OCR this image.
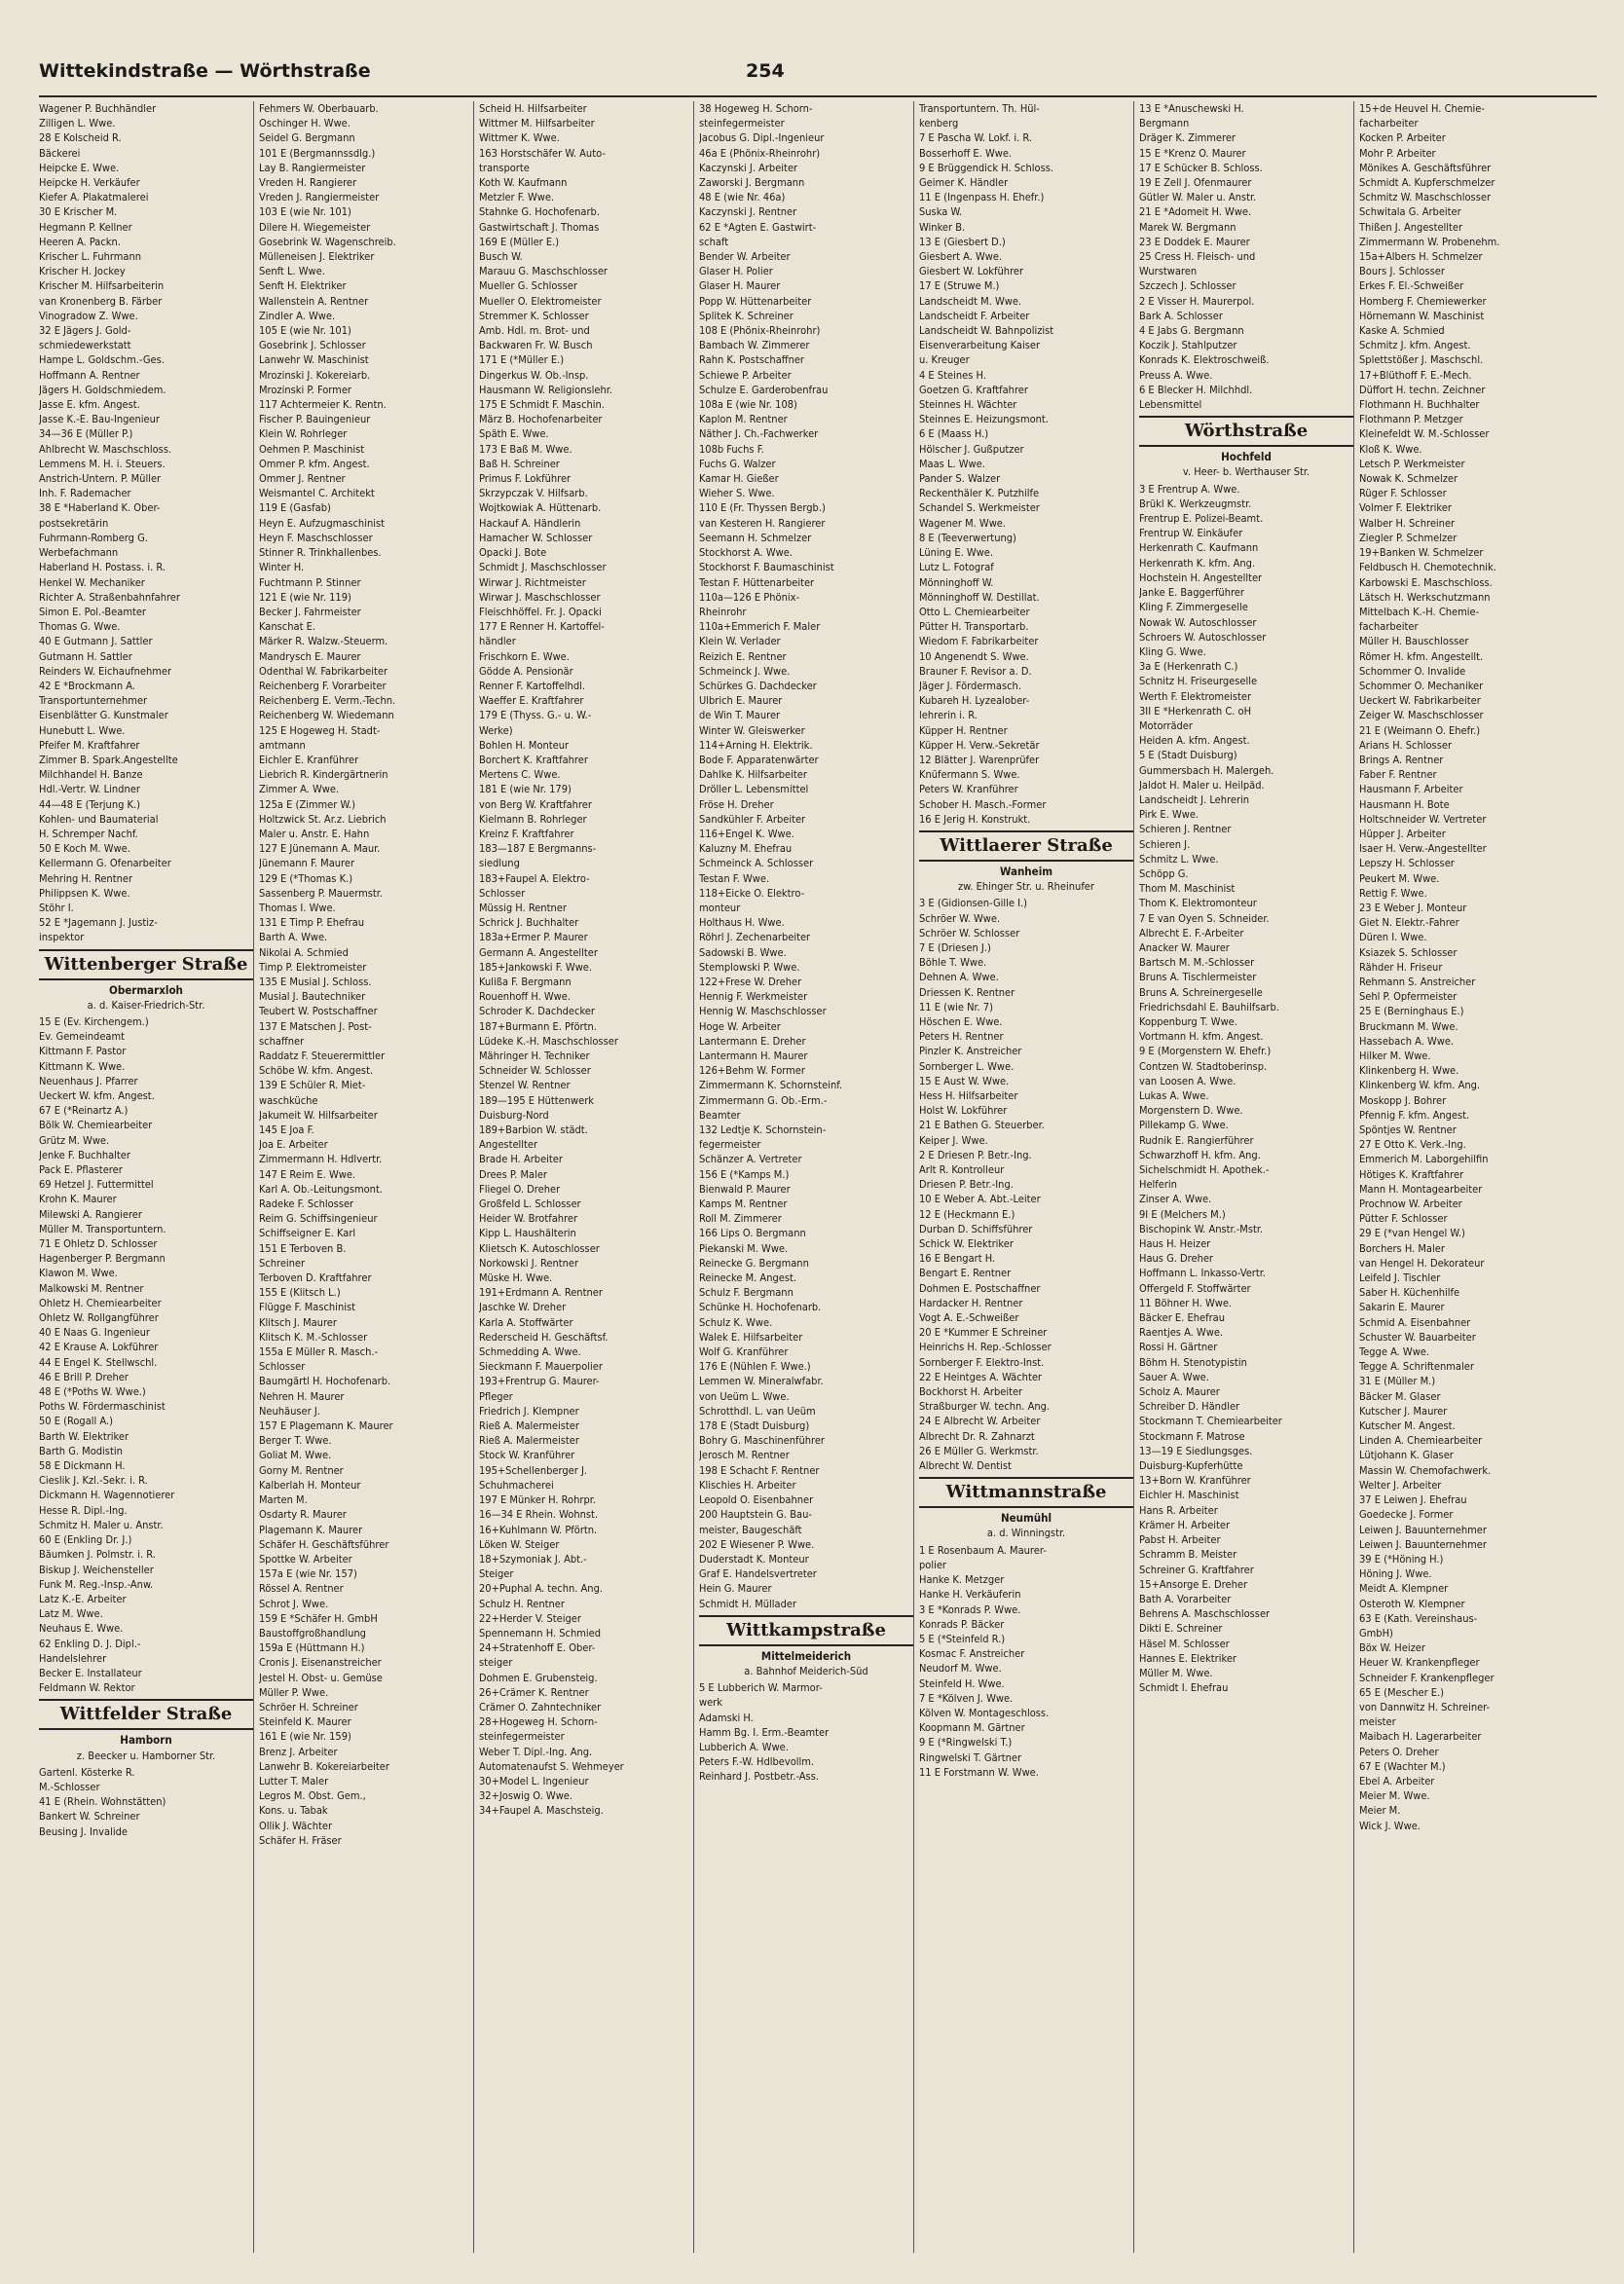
Wittekindstraße — Wörthstraße	254
Wagener P. Buchhändler
Zilligen L. Wwe.
28 E Kolscheid R.
Bäckerei
Heipcke E. Wwe.
Heipcke H. Verkäufer
Kiefer A. Plakatmalerei
30 E Krischer M.
Hegmann P. Kellner
Heeren A. Packn.
Krischer L. Fuhrmann
Krischer H. Jockey
Krischer M. Hilfsarbeiterin
van Kronenberg B. Färber
Vinogradow Z. Wwe.
32 E Jägers J. Gold-
schmiedewerkstatt
Hampe L. Goldschm.-Ges.
Hoffmann A. Rentner
Jägers H. Goldschmiedem.
Jasse E. kfm. Angest.
Jasse K.-E. Bau-Ingenieur
34—36 E (Müller P.)
Ahlbrecht W. Maschschloss.
Lemmens M. H. i. Steuers.
Anstrich-Untern. P. Müller
Inh. F. Rademacher
38 E *Haberland K. Ober-
postsekretärin
Fuhrmann-Romberg G.
Werbefachmann
Haberland H. Postass. i. R.
Henkel W. Mechaniker
Richter A. Straßenbahnfahrer
Simon E. Pol.-Beamter
Thomas G. Wwe.
40 E Gutmann J. Sattler
Gutmann H. Sattler
Reinders W. Eichaufnehmer
42 E *Brockmann A.
Transportunternehmer
Eisenblätter G. Kunstmaler
Hunebutt L. Wwe.
Pfeifer M. Kraftfahrer
Zimmer B. Spark.Angestellte
Milchhandel H. Banze
Hdl.-Vertr. W. Lindner
44—48 E (Terjung K.)
Kohlen- und Baumaterial
H. Schremper Nachf.
50 E Koch M. Wwe.
Kellermann G. Ofenarbeiter
Mehring H. Rentner
Philippsen K. Wwe.
Stöhr I.
52 E *Jagemann J. Justiz-
inspektor
Wittenberger Straße
Obermarxloh
a. d. Kaiser-Friedrich-Str.
15 E (Ev. Kirchengem.)
Ev. Gemeindeamt
Kittmann F. Pastor
Kittmann K. Wwe.
Neuenhaus J. Pfarrer
Ueckert W. kfm. Angest.
67 E (*Reinartz A.)
Bölk W. Chemiearbeiter
Grütz M. Wwe.
Jenke F. Buchhalter
Pack E. Pflasterer
69 Hetzel J. Futtermittel
Krohn K. Maurer
Milewski A. Rangierer
Müller M. Transportuntern.
71 E Ohletz D. Schlosser
Hagenberger P. Bergmann
Klawon M. Wwe.
Malkowski M. Rentner
Ohletz H. Chemiearbeiter
Ohletz W. Rollgangführer
40 E Naas G. Ingenieur
42 E Krause A. Lokführer
44 E Engel K. Stellwschl.
46 E Brill P. Dreher
48 E (*Poths W. Wwe.)
Poths W. Fördermaschinist
50 E (Rogall A.)
Barth W. Elektriker
Barth G. Modistin
58 E Dickmann H.
Cieslik J. Kzl.-Sekr. i. R.
Dickmann H. Wagennotierer
Hesse R. Dipl.-Ing.
Schmitz H. Maler u. Anstr.
60 E (Enkling Dr. J.)
Bäumken J. Polmstr. i. R.
Biskup J. Weichensteller
Funk M. Reg.-Insp.-Anw.
Latz K.-E. Arbeiter
Latz M. Wwe.
Neuhaus E. Wwe.
62 Enkling D. J. Dipl.-
Handelslehrer
Becker E. Installateur
Feldmann W. Rektor
Wittfelder Straße
Hamborn
z. Beecker u. Hamborner Str.
Gartenl. Kösterke R.
M.-Schlosser
41 E (Rhein. Wohnstätten)
Bankert W. Schreiner
Beusing J. Invalide
Fehmers W. Oberbauarb.
Oschinger H. Wwe.
Seidel G. Bergmann
101 E (Bergmannssdlg.)
Lay B. Rangiermeister
Vreden H. Rangierer
Vreden J. Rangiermeister
103 E (wie Nr. 101)
Dilere H. Wiegemeister
Gosebrink W. Wagenschreib.
Mülleneisen J. Elektriker
Senft L. Wwe.
Senft H. Elektriker
Wallenstein A. Rentner
Zindler A. Wwe.
105 E (wie Nr. 101)
Gosebrink J. Schlosser
Lanwehr W. Maschinist
Mrozinski J. Kokereiarb.
Mrozinski P. Former
117 Achtermeier K. Rentn.
Fischer P. Bauingenieur
Klein W. Rohrleger
Oehmen P. Maschinist
Ommer P. kfm. Angest.
Ommer J. Rentner
Weismantel C. Architekt
119 E (Gasfab)
Heyn E. Aufzugmaschinist
Heyn F. Maschschlosser
Stinner R. Trinkhallenbes.
Winter H.
Fuchtmann P. Stinner
121 E (wie Nr. 119)
Becker J. Fahrmeister
Kanschat E.
Märker R. Walzw.-Steuerm.
Mandrysch E. Maurer
Odenthal W. Fabrikarbeiter
Reichenberg F. Vorarbeiter
Reichenberg E. Verm.-Techn.
Reichenberg W. Wiedemann
125 E Hogeweg H. Stadt-
amtmann
Eichler E. Kranführer
Liebrich R. Kindergärtnerin
Zimmer A. Wwe.
125a E (Zimmer W.)
Holtzwick St. Ar.z. Liebrich
Maler u. Anstr. E. Hahn
127 E Jünemann A. Maur.
Jünemann F. Maurer
129 E (*Thomas K.)
Sassenberg P. Mauermstr.
Thomas I. Wwe.
131 E Timp P. Ehefrau
Barth A. Wwe.
Nikolai A. Schmied
Timp P. Elektromeister
135 E Musial J. Schloss.
Musial J. Bautechniker
Teubert W. Postschaffner
137 E Matschen J. Post-
schaffner
Raddatz F. Steuerermittler
Schöbe W. kfm. Angest.
139 E Schüler R. Miet-
waschküche
Jakumeit W. Hilfsarbeiter
145 E Joa F.
Joa E. Arbeiter
Zimmermann H. Hdlvertr.
147 E Reim E. Wwe.
Karl A. Ob.-Leitungsmont.
Radeke F. Schlosser
Reim G. Schiffsingenieur
Schiffseigner E. Karl
151 E Terboven B.
Schreiner
Terboven D. Kraftfahrer
155 E (Klitsch L.)
Flügge F. Maschinist
Klitsch J. Maurer
Klitsch K. M.-Schlosser
155a E Müller R. Masch.-
Schlosser
Baumgärtl H. Hochofenarb.
Nehren H. Maurer
Neuhäuser J.
157 E Plagemann K. Maurer
Berger T. Wwe.
Goliat M. Wwe.
Gorny M. Rentner
Kalberlah H. Monteur
Marten M.
Osdarty R. Maurer
Plagemann K. Maurer
Schäfer H. Geschäftsführer
Spottke W. Arbeiter
157a E (wie Nr. 157)
Rössel A. Rentner
Schrot J. Wwe.
159 E *Schäfer H. GmbH
Baustoffgroßhandlung
159a E (Hüttmann H.)
Cronis J. Eisenanstreicher
Jestel H. Obst- u. Gemüse
Müller P. Wwe.
Schröer H. Schreiner
Steinfeld K. Maurer
161 E (wie Nr. 159)
Brenz J. Arbeiter
Lanwehr B. Kokereiarbeiter
Lutter T. Maler
Legros M. Obst. Gem.,
Kons. u. Tabak
Ollik J. Wächter
Schäfer H. Fräser
Scheid H. Hilfsarbeiter
Wittmer M. Hilfsarbeiter
Wittmer K. Wwe.
163 Horstschäfer W. Auto-
transporte
Koth W. Kaufmann
Metzler F. Wwe.
Stahnke G. Hochofenarb.
Gastwirtschaft J. Thomas
169 E (Müller E.)
Busch W.
Marauu G. Maschschlosser
Mueller G. Schlosser
Mueller O. Elektromeister
Stremmer K. Schlosser
Amb. Hdl. m. Brot- und
Backwaren Fr. W. Busch
171 E (*Müller E.)
Dingerkus W. Ob.-Insp.
Hausmann W. Religionslehr.
175 E Schmidt F. Maschin.
März B. Hochofenarbeiter
Späth E. Wwe.
173 E Baß M. Wwe.
Baß H. Schreiner
Primus F. Lokführer
Skrzypczak V. Hilfsarb.
Wojtkowiak A. Hüttenarb.
Hackauf A. Händlerin
Hamacher W. Schlosser
Opacki J. Bote
Schmidt J. Maschschlosser
Wirwar J. Richtmeister
Wirwar J. Maschschlosser
Fleischhöffel. Fr. J. Opacki
177 E Renner H. Kartoffel-
händler
Frischkorn E. Wwe.
Gödde A. Pensionär
Renner F. Kartoffelhdl.
Waeffer E. Kraftfahrer
179 E (Thyss. G.- u. W.-
Werke)
Bohlen H. Monteur
Borchert K. Kraftfahrer
Mertens C. Wwe.
181 E (wie Nr. 179)
von Berg W. Kraftfahrer
Kielmann B. Rohrleger
Kreinz F. Kraftfahrer
183—187 E Bergmanns-
siedlung
183+Faupel A. Elektro-
Schlosser
Müssig H. Rentner
Schrick J. Buchhalter
183a+Ermer P. Maurer
Germann A. Angestellter
185+Jankowski F. Wwe.
Kulißa F. Bergmann
Rouenhoff H. Wwe.
Schroder K. Dachdecker
187+Burmann E. Pförtn.
Lüdeke K.-H. Maschschlosser
Mähringer H. Techniker
Schneider W. Schlosser
Stenzel W. Rentner
189—195 E Hüttenwerk
Duisburg-Nord
189+Barbion W. städt.
Angestellter
Brade H. Arbeiter
Drees P. Maler
Fliegel O. Dreher
Großfeld L. Schlosser
Heider W. Brotfahrer
Kipp L. Haushälterin
Klietsch K. Autoschlosser
Norkowski J. Rentner
Müske H. Wwe.
191+Erdmann A. Rentner
Jaschke W. Dreher
Karla A. Stoffwärter
Rederscheid H. Geschäftsf.
Schmedding A. Wwe.
Sieckmann F. Mauerpolier
193+Frentrup G. Maurer-
Pfleger
Friedrich J. Klempner
Rieß A. Malermeister
Rieß A. Malermeister
Stock W. Kranführer
195+Schellenberger J.
Schuhmacherei
197 E Münker H. Rohrpr.
16—34 E Rhein. Wohnst.
16+Kuhlmann W. Pförtn.
Löken W. Steiger
18+Szymoniak J. Abt.-
Steiger
20+Puphal A. techn. Ang.
Schulz H. Rentner
22+Herder V. Steiger
Spennemann H. Schmied
24+Stratenhoff E. Ober-
steiger
Dohmen E. Grubensteig.
26+Crämer K. Rentner
Crämer O. Zahntechniker
28+Hogeweg H. Schorn-
steinfegermeister
Weber T. Dipl.-Ing. Ang.
Automatenaufst S. Wehmeyer
30+Model L. Ingenieur
32+Joswig O. Wwe.
34+Faupel A. Maschsteig.
38 Hogeweg H. Schorn-
steinfegermeister
Jacobus G. Dipl.-Ingenieur
46a E (Phönix-Rheinrohr)
Kaczynski J. Arbeiter
Zaworski J. Bergmann
48 E (wie Nr. 46a)
Kaczynski J. Rentner
62 E *Agten E. Gastwirt-
schaft
Bender W. Arbeiter
Glaser H. Polier
Glaser H. Maurer
Popp W. Hüttenarbeiter
Splitek K. Schreiner
108 E (Phönix-Rheinrohr)
Bambach W. Zimmerer
Rahn K. Postschaffner
Schiewe P. Arbeiter
Schulze E. Garderobenfrau
108a E (wie Nr. 108)
Kaplon M. Rentner
Näther J. Ch.-Fachwerker
108b Fuchs F.
Fuchs G. Walzer
Kamar H. Gießer
Wieher S. Wwe.
110 E (Fr. Thyssen Bergb.)
van Kesteren H. Rangierer
Seemann H. Schmelzer
Stockhorst A. Wwe.
Stockhorst F. Baumaschinist
Testan F. Hüttenarbeiter
110a—126 E Phönix-
Rheinrohr
110a+Emmerich F. Maler
Klein W. Verlader
Reizich E. Rentner
Schmeinck J. Wwe.
Schürkes G. Dachdecker
Ulbrich E. Maurer
de Win T. Maurer
Winter W. Gleiswerker
114+Arning H. Elektrik.
Bode F. Apparatenwärter
Dahlke K. Hilfsarbeiter
Dröller L. Lebensmittel
Fröse H. Dreher
Sandkühler F. Arbeiter
116+Engel K. Wwe.
Kaluzny M. Ehefrau
Schmeinck A. Schlosser
Testan F. Wwe.
118+Eicke O. Elektro-
monteur
Holthaus H. Wwe.
Röhrl J. Zechenarbeiter
Sadowski B. Wwe.
Stemplowski P. Wwe.
122+Frese W. Dreher
Hennig F. Werkmeister
Hennig W. Maschschlosser
Hoge W. Arbeiter
Lantermann E. Dreher
Lantermann H. Maurer
126+Behm W. Former
Zimmermann K. Schornsteinf.
Zimmermann G. Ob.-Erm.-
Beamter
132 Ledtje K. Schornstein-
fegermeister
Schänzer A. Vertreter
156 E (*Kamps M.)
Bienwald P. Maurer
Kamps M. Rentner
Roll M. Zimmerer
166 Lips O. Bergmann
Piekanski M. Wwe.
Reinecke G. Bergmann
Reinecke M. Angest.
Schulz F. Bergmann
Schünke H. Hochofenarb.
Schulz K. Wwe.
Walek E. Hilfsarbeiter
Wolf G. Kranführer
176 E (Nühlen F. Wwe.)
Lemmen W. Mineralwfabr.
von Ueüm L. Wwe.
Schrotthdl. L. van Ueüm
178 E (Stadt Duisburg)
Bohry G. Maschinenführer
Jerosch M. Rentner
198 E Schacht F. Rentner
Klischies H. Arbeiter
Leopold O. Eisenbahner
200 Hauptstein G. Bau-
meister, Baugeschäft
202 E Wiesener P. Wwe.
Duderstadt K. Monteur
Graf E. Handelsvertreter
Hein G. Maurer
Schmidt H. Müllader
Wittkampstraße
Mittelmeiderich
a. Bahnhof Meiderich-Süd
5 E Lubberich W. Marmor-
werk
Adamski H.
Hamm Bg. I. Erm.-Beamter
Lubberich A. Wwe.
Peters F.-W. Hdlbevollm.
Reinhard J. Postbetr.-Ass.
Transportuntern. Th. Hül-
kenberg
7 E Pascha W. Lokf. i. R.
Bosserhoff E. Wwe.
9 E Brüggendick H. Schloss.
Geimer K. Händler
11 E (Ingenpass H. Ehefr.)
Suska W.
Winker B.
13 E (Giesbert D.)
Giesbert A. Wwe.
Giesbert W. Lokführer
17 E (Struwe M.)
Landscheidt M. Wwe.
Landscheidt F. Arbeiter
Landscheidt W. Bahnpolizist
Eisenverarbeitung Kaiser
u. Kreuger
4 E Steines H.
Goetzen G. Kraftfahrer
Steinnes H. Wächter
Steinnes E. Heizungsmont.
6 E (Maass H.)
Hölscher J. Gußputzer
Maas L. Wwe.
Pander S. Walzer
Reckenthäler K. Putzhilfe
Schandel S. Werkmeister
Wagener M. Wwe.
8 E (Teeverwertung)
Lüning E. Wwe.
Lutz L. Fotograf
Mönninghoff W.
Mönninghoff W. Destillat.
Otto L. Chemiearbeiter
Pütter H. Transportarb.
Wiedom F. Fabrikarbeiter
10 Angenendt S. Wwe.
Brauner F. Revisor a. D.
Jäger J. Fördermasch.
Kubareh H. Lyzealober-
lehrerin i. R.
Küpper H. Rentner
Küpper H. Verw.-Sekretär
12 Blätter J. Warenprüfer
Knüfermann S. Wwe.
Peters W. Kranführer
Schober H. Masch.-Former
16 E Jerig H. Konstrukt.
Wittlaerer Straße
Wanheim
zw. Ehinger Str. u. Rheinufer
3 E (Gidionsen-Gille I.)
Schröer W. Wwe.
Schröer W. Schlosser
7 E (Driesen J.)
Böhle T. Wwe.
Dehnen A. Wwe.
Driessen K. Rentner
11 E (wie Nr. 7)
Höschen E. Wwe.
Peters H. Rentner
Pinzler K. Anstreicher
Sornberger L. Wwe.
15 E Aust W. Wwe.
Hess H. Hilfsarbeiter
Holst W. Lokführer
21 E Bathen G. Steuerber.
Keiper J. Wwe.
2 E Driesen P. Betr.-Ing.
Arlt R. Kontrolleur
Driesen P. Betr.-Ing.
10 E Weber A. Abt.-Leiter
12 E (Heckmann E.)
Durban D. Schiffsführer
Schick W. Elektriker
16 E Bengart H.
Bengart E. Rentner
Dohmen E. Postschaffner
Hardacker H. Rentner
Vogt A. E.-Schweißer
20 E *Kummer E Schreiner
Heinrichs H. Rep.-Schlosser
Sornberger F. Elektro-Inst.
22 E Heintges A. Wächter
Bockhorst H. Arbeiter
Straßburger W. techn. Ang.
24 E Albrecht W. Arbeiter
Albrecht Dr. R. Zahnarzt
26 E Müller G. Werkmstr.
Albrecht W. Dentist
Wittmannstraße
Neumühl
a. d. Winningstr.
1 E Rosenbaum A. Maurer-
polier
Hanke K. Metzger
Hanke H. Verkäuferin
3 E *Konrads P. Wwe.
Konrads P. Bäcker
5 E (*Steinfeld R.)
Kosmac F. Anstreicher
Neudorf M. Wwe.
Steinfeld H. Wwe.
7 E *Kölven J. Wwe.
Kölven W. Montageschloss.
Koopmann M. Gärtner
9 E (*Ringwelski T.)
Ringwelski T. Gärtner
11 E Forstmann W. Wwe.
13 E *Anuschewski H.
Bergmann
Dräger K. Zimmerer
15 E *Krenz O. Maurer
17 E Schücker B. Schloss.
19 E Zell J. Ofenmaurer
Gütler W. Maler u. Anstr.
21 E *Adomeit H. Wwe.
Marek W. Bergmann
23 E Doddek E. Maurer
25 Cress H. Fleisch- und
Wurstwaren
Szczech J. Schlosser
2 E Visser H. Maurerpol.
Bark A. Schlosser
4 E Jabs G. Bergmann
Koczik J. Stahlputzer
Konrads K. Elektroschweiß.
Preuss A. Wwe.
6 E Blecker H. Milchhdl.
Lebensmittel
Wörthstraße
Hochfeld
v. Heer- b. Werthauser Str.
3 E Frentrup A. Wwe.
Brükl K. Werkzeugmstr.
Frentrup E. Polizei-Beamt.
Frentrup W. Einkäufer
Herkenrath C. Kaufmann
Herkenrath K. kfm. Ang.
Hochstein H. Angestellter
Janke E. Baggerführer
Kling F. Zimmergeselle
Nowak W. Autoschlosser
Schroers W. Autoschlosser
Kling G. Wwe.
3a E (Herkenrath C.)
Schnitz H. Friseurgeselle
Werth F. Elektromeister
3II E *Herkenrath C. oH
Motorräder
Heiden A. kfm. Angest.
5 E (Stadt Duisburg)
Gummersbach H. Malergeh.
Jaldot H. Maler u. Heilpäd.
Landscheidt J. Lehrerin
Pirk E. Wwe.
Schieren J. Rentner
Schieren J.
Schmitz L. Wwe.
Schöpp G.
Thom M. Maschinist
Thom K. Elektromonteur
7 E van Oyen S. Schneider.
Albrecht E. F.-Arbeiter
Anacker W. Maurer
Bartsch M. M.-Schlosser
Bruns A. Tischlermeister
Bruns A. Schreinergeselle
Friedrichsdahl E. Bauhilfsarb.
Koppenburg T. Wwe.
Vortmann H. kfm. Angest.
9 E (Morgenstern W. Ehefr.)
Contzen W. Stadtoberinsp.
van Loosen A. Wwe.
Lukas A. Wwe.
Morgenstern D. Wwe.
Pillekamp G. Wwe.
Rudnik E. Rangierführer
Schwarzhoff H. kfm. Ang.
Sichelschmidt H. Apothek.-
Helferin
Zinser A. Wwe.
9I E (Melchers M.)
Bischopink W. Anstr.-Mstr.
Haus H. Heizer
Haus G. Dreher
Hoffmann L. Inkasso-Vertr.
Offergeld F. Stoffwärter
11 Böhner H. Wwe.
Bäcker E. Ehefrau
Raentjes A. Wwe.
Rossi H. Gärtner
Böhm H. Stenotypistin
Sauer A. Wwe.
Scholz A. Maurer
Schreiber D. Händler
Stockmann T. Chemiearbeiter
Stockmann F. Matrose
13—19 E Siedlungsges.
Duisburg-Kupferhütte
13+Born W. Kranführer
Eichler H. Maschinist
Hans R. Arbeiter
Krämer H. Arbeiter
Pabst H. Arbeiter
Schramm B. Meister
Schreiner G. Kraftfahrer
15+Ansorge E. Dreher
Bath A. Vorarbeiter
Behrens A. Maschschlosser
Dikti E. Schreiner
Häsel M. Schlosser
Hannes E. Elektriker
Müller M. Wwe.
Schmidt I. Ehefrau
15+de Heuvel H. Chemie-
facharbeiter
Kocken P. Arbeiter
Mohr P. Arbeiter
Mönikes A. Geschäftsführer
Schmidt A. Kupferschmelzer
Schmitz W. Maschschlosser
Schwitala G. Arbeiter
Thißen J. Angestellter
Zimmermann W. Probenehm.
15a+Albers H. Schmelzer
Bours J. Schlosser
Erkes F. El.-Schweißer
Homberg F. Chemiewerker
Hörnemann W. Maschinist
Kaske A. Schmied
Schmitz J. kfm. Angest.
Splettstößer J. Maschschl.
17+Blüthoff F. E.-Mech.
Düffort H. techn. Zeichner
Flothmann H. Buchhalter
Flothmann P. Metzger
Kleinefeldt W. M.-Schlosser
Kloß K. Wwe.
Letsch P. Werkmeister
Nowak K. Schmelzer
Rüger F. Schlosser
Volmer F. Elektriker
Walber H. Schreiner
Ziegler P. Schmelzer
19+Banken W. Schmelzer
Feldbusch H. Chemotechnik.
Karbowski E. Maschschloss.
Lätsch H. Werkschutzmann
Mittelbach K.-H. Chemie-
facharbeiter
Müller H. Bauschlosser
Römer H. kfm. Angestellt.
Schommer O. Invalide
Schommer O. Mechaniker
Ueckert W. Fabrikarbeiter
Zeiger W. Maschschlosser
21 E (Weimann O. Ehefr.)
Arians H. Schlosser
Brings A. Rentner
Faber F. Rentner
Hausmann F. Arbeiter
Hausmann H. Bote
Holtschneider W. Vertreter
Hüpper J. Arbeiter
Isaer H. Verw.-Angestellter
Lepszy H. Schlosser
Peukert M. Wwe.
Rettig F. Wwe.
23 E Weber J. Monteur
Giet N. Elektr.-Fahrer
Düren I. Wwe.
Ksiazek S. Schlosser
Rähder H. Friseur
Rehmann S. Anstreicher
Sehl P. Opfermeister
25 E (Berninghaus E.)
Bruckmann M. Wwe.
Hassebach A. Wwe.
Hilker M. Wwe.
Klinkenberg H. Wwe.
Klinkenberg W. kfm. Ang.
Moskopp J. Bohrer
Pfennig F. kfm. Angest.
Spöntjes W. Rentner
27 E Otto K. Verk.-Ing.
Emmerich M. Laborgehilfin
Hötiges K. Kraftfahrer
Mann H. Montagearbeiter
Prochnow W. Arbeiter
Pütter F. Schlosser
29 E (*van Hengel W.)
Borchers H. Maler
van Hengel H. Dekorateur
Leifeld J. Tischler
Saber H. Küchenhilfe
Sakarin E. Maurer
Schmid A. Eisenbahner
Schuster W. Bauarbeiter
Tegge A. Wwe.
Tegge A. Schriftenmaler
31 E (Müller M.)
Bäcker M. Glaser
Kutscher J. Maurer
Kutscher M. Angest.
Linden A. Chemiearbeiter
Lütjohann K. Glaser
Massin W. Chemofachwerk.
Welter J. Arbeiter
37 E Leiwen J. Ehefrau
Goedecke J. Former
Leiwen J. Bauunternehmer
Leiwen J. Bauunternehmer
39 E (*Höning H.)
Höning J. Wwe.
Meidt A. Klempner
Osteroth W. Klempner
63 E (Kath. Vereinshaus-
GmbH)
Böx W. Heizer
Heuer W. Krankenpfleger
Schneider F. Krankenpfleger
65 E (Mescher E.)
von Dannwitz H. Schreiner-
meister
Maibach H. Lagerarbeiter
Peters O. Dreher
67 E (Wachter M.)
Ebel A. Arbeiter
Meier M. Wwe.
Meier M.
Wick J. Wwe.
